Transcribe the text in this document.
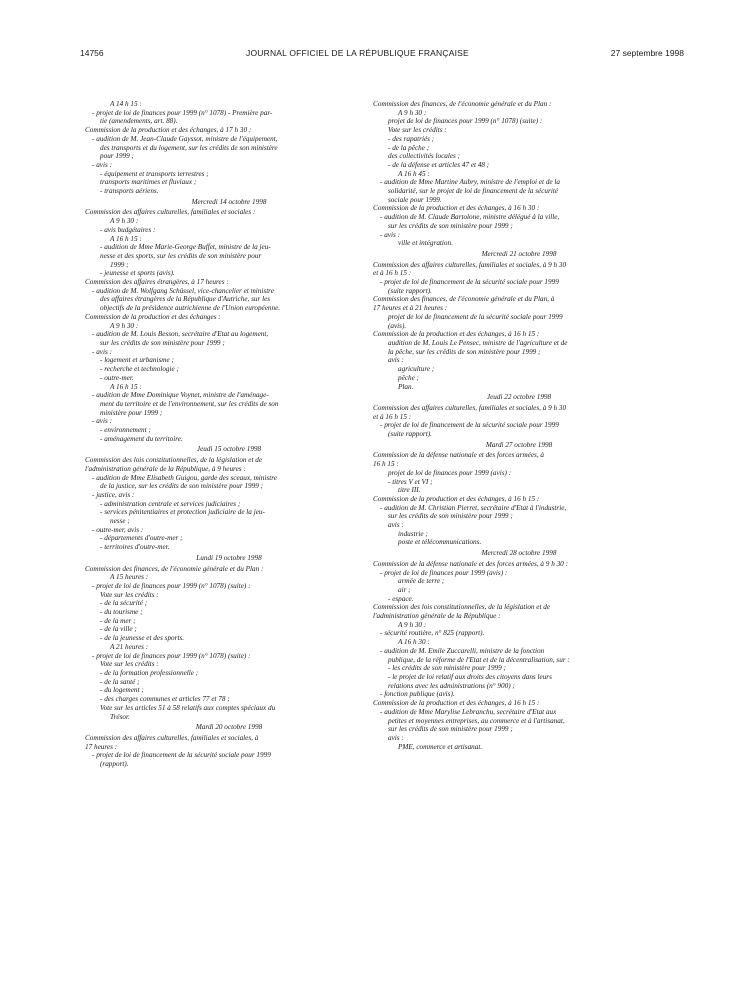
14756	JOURNAL OFFICIEL DE LA RÉPUBLIQUE FRANÇAISE	27 septembre 1998
A 14 h 15 :
- projet de loi de finances pour 1999 (n° 1078) - Première par-
tie (amendements, art. 88).
Commission de la production et des échanges, à 17 h 30 :
- audition de M. Jean-Claude Gayssot, ministre de l'équipement,
des transports et du logement, sur les crédits de son ministère
pour 1999 ;
- avis :
- équipement et transports terrestres ;
transports maritimes et fluviaux ;
- transports aériens.
Mercredi 14 octobre 1998
Commission des affaires culturelles, familiales et sociales :
A 9 h 30 :
- avis budgétaires :
A 16 h 15 :
- audition de Mme Marie-George Buffet, ministre de la jeu-
nesse et des sports, sur les crédits de son ministère pour
1999 ;
- jeunesse et sports (avis).
Commission des affaires étrangères, à 17 heures :
- audition de M. Wolfgang Schüssel, vice-chancelier et ministre
des affaires étrangères de la République d'Autriche, sur les
objectifs de la présidence autrichienne de l'Union européenne.
Commission de la production et des échanges :
A 9 h 30 :
- audition de M. Louis Besson, secrétaire d'Etat au logement,
sur les crédits de son ministère pour 1999 ;
- avis :
- logement et urbanisme ;
- recherche et technologie ;
- outre-mer.
A 16 h 15 :
- audition de Mme Dominique Voynet, ministre de l'aménage-
ment du territoire et de l'environnement, sur les crédits de son
ministère pour 1999 ;
- avis :
- environnement ;
- aménagement du territoire.
Jeudi 15 octobre 1998
Commission des lois constitutionnelles, de la législation et de
l'administration générale de la République, à 9 heures :
- audition de Mme Elisabeth Guigou, garde des sceaux, ministre
de la justice, sur les crédits de son ministère pour 1999 ;
- justice, avis :
- administration centrale et services judiciaires ;
- services pénitentiaires et protection judiciaire de la jeu-
nesse ;
- outre-mer, avis :
- départements d'outre-mer ;
- territoires d'outre-mer.
Lundi 19 octobre 1998
Commission des finances, de l'économie générale et du Plan :
A 15 heures :
- projet de loi de finances pour 1999 (n° 1078) (suite) :
Vote sur les crédits :
- de la sécurité ;
- du tourisme ;
- de la mer ;
- de la ville ;
- de la jeunesse et des sports.
A 21 heures :
- projet de loi de finances pour 1999 (n° 1078) (suite) :
Vote sur les crédits :
- de la formation professionnelle ;
- de la santé ;
- du logement ;
- des charges communes et articles 77 et 78 ;
Vote sur les articles 51 à 58 relatifs aux comptes spéciaux du
Trésor.
Mardi 20 octobre 1998
Commission des affaires culturelles, familiales et sociales, à
17 heures :
- projet de loi de financement de la sécurité sociale pour 1999
(rapport).
Commission des finances, de l'économie générale et du Plan :
A 9 h 30 :
projet de loi de finances pour 1999 (n° 1078) (suite) :
Vote sur les crédits :
- des rapatriés ;
- de la pêche ;
des collectivités locales ;
- de la défense et articles 47 et 48 ;
A 16 h 45 :
- audition de Mme Martine Aubry, ministre de l'emploi et de la
solidarité, sur le projet de loi de financement de la sécurité
sociale pour 1999.
Commission de la production et des échanges, à 16 h 30 :
- audition de M. Claude Bartolone, ministre délégué à la ville,
sur les crédits de son ministère pour 1999 ;
- avis :
ville et intégration.
Mercredi 21 octobre 1998
Commission des affaires culturelles, familiales et sociales, à 9 h 30
et à 16 h 15 :
- projet de loi de financement de la sécurité sociale pour 1999
(suite rapport).
Commission des finances, de l'économie générale et du Plan, à
17 heures et à 21 heures :
projet de loi de financement de la sécurité sociale pour 1999
(avis).
Commission de la production et des échanges, à 16 h 15 :
audition de M. Louis Le Pensec, ministre de l'agriculture et de
la pêche, sur les crédits de son ministère pour 1999 ;
avis :
agriculture ;
pêche ;
Plan.
Jeudi 22 octobre 1998
Commission des affaires culturelles, familiales et sociales, à 9 h 30
et à 16 h 15 :
- projet de loi de financement de la sécurité sociale pour 1999
(suite rapport).
Mardi 27 octobre 1998
Commission de la défense nationale et des forces armées, à
16 h 15 :
projet de loi de finances pour 1999 (avis) :
- titres V et VI ;
titre III.
Commission de la production et des échanges, à 16 h 15 :
- audition de M. Christian Pierret, secrétaire d'Etat à l'industrie,
sur les crédits de son ministère pour 1999 ;
avis :
industrie ;
poste et télécommunications.
Mercredi 28 octobre 1998
Commission de la défense nationale et des forces armées, à 9 h 30 :
- projet de loi de finances pour 1999 (avis) :
armée de terre ;
air ;
- espace.
Commission des lois constitutionnelles, de la législation et de
l'administration générale de la République :
A 9 h 30 :
- sécurité routière, n° 825 (rapport).
A 16 h 30 :
- audition de M. Emile Zuccarelli, ministre de la fonction
publique, de la réforme de l'Etat et de la décentralisation, sur :
- les crédits de son ministère pour 1999 ;
- le projet de loi relatif aux droits des citoyens dans leurs
relations avec les administrations (n° 900) ;
- fonction publique (avis).
Commission de la production et des échanges, à 16 h 15 :
- audition de Mme Marylise Lebranchu, secrétaire d'Etat aux
petites et moyennes entreprises, au commerce et à l'artisanat,
sur les crédits de son ministère pour 1999 ;
avis :
PME, commerce et artisanat.
